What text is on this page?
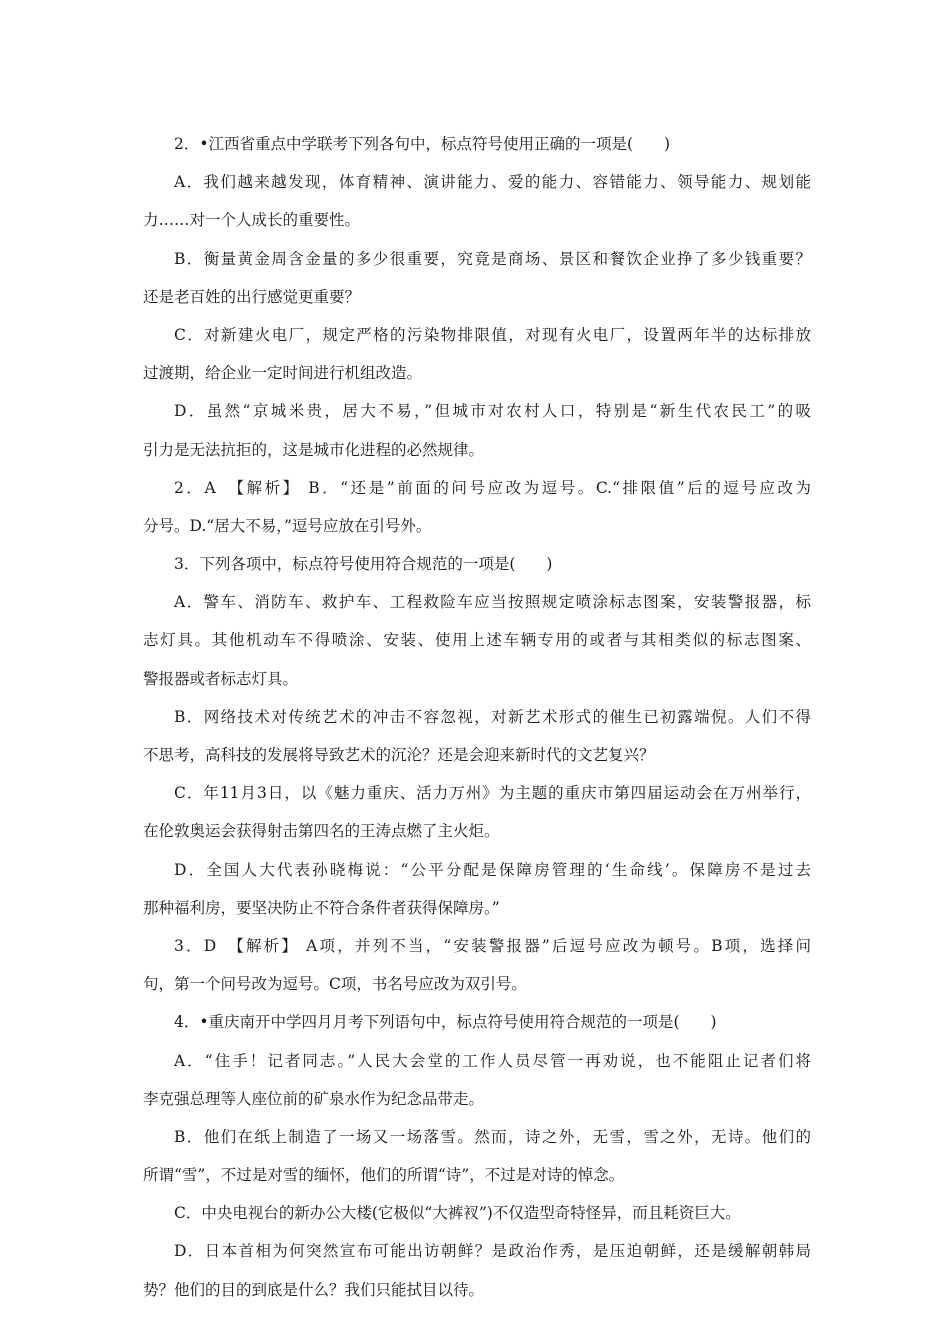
2．•江西省重点中学联考下列各句中，标点符号使用正确的一项是(　　)
A．我们越来越发现，体育精神、演讲能力、爱的能力、容错能力、领导能力、规划能
力……对一个人成长的重要性。
B．衡量黄金周含金量的多少很重要，究竟是商场、景区和餐饮企业挣了多少钱重要？
还是老百姓的出行感觉更重要？
C．对新建火电厂，规定严格的污染物排限值，对现有火电厂，设置两年半的达标排放
过渡期，给企业一定时间进行机组改造。
D．虽然“京城米贵，居大不易，”但城市对农村人口，特别是“新生代农民工”的吸
引力是无法抗拒的，这是城市化进程的必然规律。
2．A　【解析】 B．“还是”前面的问号应改为逗号。C.“排限值”后的逗号应改为
分号。D.“居大不易，”逗号应放在引号外。
3．下列各项中，标点符号使用符合规范的一项是(　　)
A．警车、消防车、救护车、工程救险车应当按照规定喷涂标志图案，安装警报器，标
志灯具。其他机动车不得喷涂、安装、使用上述车辆专用的或者与其相类似的标志图案、
警报器或者标志灯具。
B．网络技术对传统艺术的冲击不容忽视，对新艺术形式的催生已初露端倪。人们不得
不思考，高科技的发展将导致艺术的沉沦？还是会迎来新时代的文艺复兴？
C．年11月3日，以《魅力重庆、活力万州》为主题的重庆市第四届运动会在万州举行，
在伦敦奥运会获得射击第四名的王涛点燃了主火炬。
D．全国人大代表孙晓梅说：“公平分配是保障房管理的‘生命线’。保障房不是过去
那种福利房，要坚决防止不符合条件者获得保障房。”
3．D　【解析】 A项，并列不当，“安装警报器”后逗号应改为顿号。B项，选择问
句，第一个问号改为逗号。C项，书名号应改为双引号。
4．•重庆南开中学四月月考下列语句中，标点符号使用符合规范的一项是(　　)
A．“住手！记者同志。”人民大会堂的工作人员尽管一再劝说，也不能阻止记者们将
李克强总理等人座位前的矿泉水作为纪念品带走。
B．他们在纸上制造了一场又一场落雪。然而，诗之外，无雪，雪之外，无诗。他们的
所谓“雪”，不过是对雪的缅怀，他们的所谓“诗”，不过是对诗的悼念。
C．中央电视台的新办公大楼(它极似“大裤衩”)不仅造型奇特怪异，而且耗资巨大。
D．日本首相为何突然宣布可能出访朝鲜？是政治作秀，是压迫朝鲜，还是缓解朝韩局
势？他们的目的到底是什么？我们只能拭目以待。
